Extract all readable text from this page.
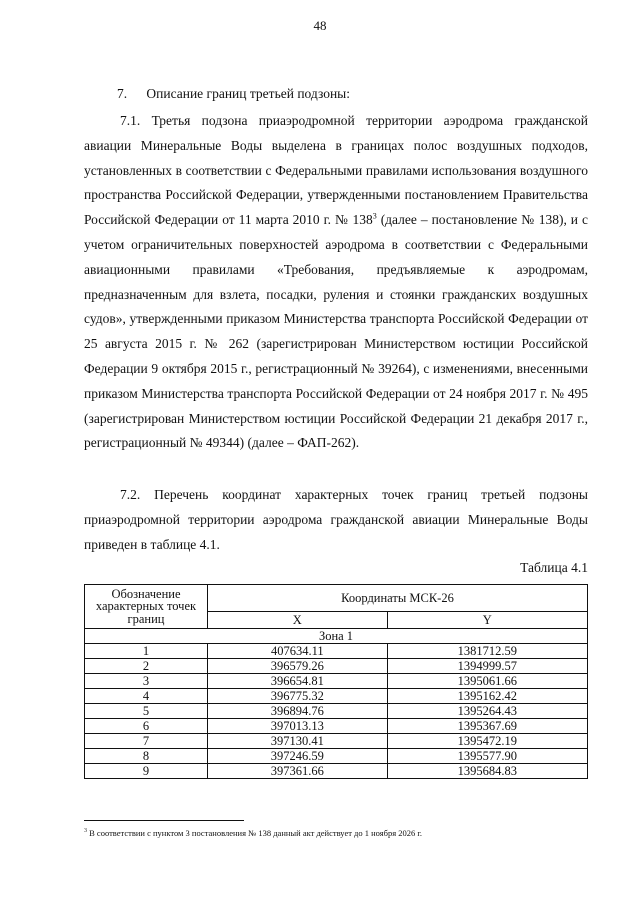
48
7. Описание границ третьей подзоны:

7.1. Третья подзона приаэродромной территории аэродрома гражданской авиации Минеральные Воды выделена в границах полос воздушных подходов, установленных в соответствии с Федеральными правилами использования воздушного пространства Российской Федерации, утвержденными постановлением Правительства Российской Федерации от 11 марта 2010 г. № $138^3$ (далее – постановление № 138), и с учетом ограничительных поверхностей аэродрома в соответствии с Федеральными авиационными правилами «Требования, предъявляемые к аэродромам, предназначенным для взлета, посадки, руления и стоянки гражданских воздушных судов», утвержденными приказом Министерства транспорта Российской Федерации от 25 августа 2015 г. № 262 (зарегистрирован Министерством юстиции Российской Федерации 9 октября 2015 г., регистрационный № 39264), с изменениями, внесенными приказом Министерства транспорта Российской Федерации от 24 ноября 2017 г. № 495 (зарегистрирован Министерством юстиции Российской Федерации 21 декабря 2017 г., регистрационный № 49344) (далее – ФАП-262).

7.2. Перечень координат характерных точек границ третьей подзоны приаэродромной территории аэродрома гражданской авиации Минеральные Воды приведен в таблице 4.1.

Таблица 4.1
Обозначение характерных точек границ	Координаты МСК-26	
	X	Y
Зона 1		
1	407634.11	1381712.59
2	396579.26	1394999.57
3	396654.81	1395061.66
4	396775.32	1395162.42
5	396894.76	1395264.43
6	397013.13	1395367.69
7	397130.41	1395472.19
8	397246.59	1395577.90
9	397361.66	1395684.83
$^3$ В соответствии с пунктом 3 постановления № 138 данный акт действует до 1 ноября 2026 г.
